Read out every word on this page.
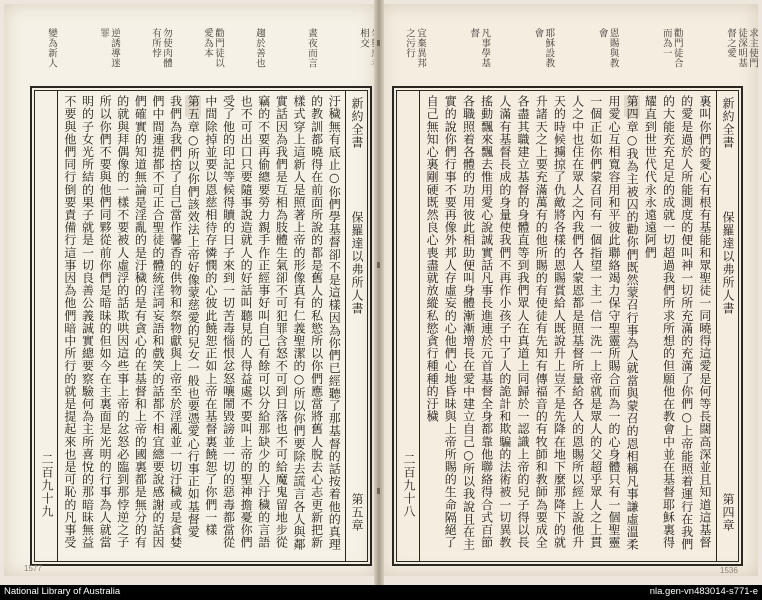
相交
晝夜而言
趨於善也
勸門徒以愛為本
勿使肉體有所悖
逆誘導迷罪
變為新人
新約全書
保羅達以弗所人書
第五章
二百九十九
汙穢無有底止○你們學基督卻不是這樣因為你們已經聽了那基督的話按着他的真理
的教訓都曉得在前面所說的都是舊人的私慾所以你們應當將舊人脫去心志更新把新
樣式穿上這新人是照著上帝的形像真有仁義聖潔的○所以你們要除去謊言各人與鄰
實話因為我們是互相為肢體生氣卻不可犯罪含怒不可到日落也不可給魔鬼留地步從
竊的不要再偷總要勞力親手作正經事好叫自己有餘可以分給那缺少的人汙穢的言語
也不可出口只要隨事說造就人的好話叫聽見的人得益處不要叫上帝的聖神擔憂你們
受了他的印記等候得贖的日子來到一切苦毒惱恨忿怒嚷鬧毀謗並一切的惡毒都當從
中間除掉並要以恩慈相待存憐憫的心彼此饒恕正如上帝在基督裏饒恕了你們一樣
第五章○所以你們該效法上帝好像蒙慈愛的兒女一般也要憑愛心行事正如基督愛
我們為我們捨了自己當作馨香的供物和祭物獻與上帝至於淫亂並一切汙穢或是貪婪
們中間連提都不可正合聖徒的體統淫詞妄語和戲笑的話都不相宜總要說感謝的話因
們確實的知道無論是淫亂的是汙穢的是有貪心的在基督和上帝的國裏都是無分的有
的就與拜偶像的一樣不要被人虛浮的話欺哄因這些事上帝的忿怒必臨到那悖逆之子
所以你們不要與他們同夥從前你們是暗昧的但如今在主裏面是光明的行事為人就當
明的子女光所結的果子就是一切良善公義誠實總要察驗何為主所喜悅的那暗昧無益
不要與他們同行倒要責備行這事因為他們暗中所行的就是提起來也是可恥的凡事受
1577
求主使門徒深明基督之愛
勸門徒合而為一
恩賜與教會
耶穌設教會
凡事學基督
宜棄異邦之污行
新約全書
保羅達以弗所人書
第四章
二百九十八	裏叫你們的愛心有根有基能和眾聖徒一同曉得這愛是何等長闊高深並且知道這基督
的愛是過於人所能測度的便叫神一切所充滿的充滿了你們○上帝能照着運行在我們
的大能充充足足的成就一切超過我們所求所想的但願他在教會中並在基督耶穌裏得
耀直到世世代代永永遠遠阿們
第四章○我為主被囚的勸你們既然蒙召行事為人就當與蒙召的恩相稱凡事謙虛溫柔
用愛心互相寬容用和平彼此聯絡竭力保守聖靈所賜合而為一的心身體只有一個聖靈
一個正如你們蒙召同有一個指望一主一信一洗一上帝就是眾人的父超乎眾人之上貫
人之中也住在眾人之內我們各人蒙恩都是照基督所量給各人的恩賜所以經上說他升
天的時候擄掠了仇敵將各樣的恩賜賞給人既說升上豈不是先降在地下麼那降下的就
升諸天之上要充滿萬有的他所賜的有使徒有先知有傳福音的有牧師和教師為要成全
各盡其職建立基督的身體直等到我們眾人在真道上同歸於一認識上帝的兒子得以長
人滿有基督長成的身量使我們不再作小孩子中了人的詭計和欺騙的法術被一切異教
搖動飄來飄去惟用愛心說誠實話凡事長進連於元首基督全身都靠他聯絡得合式百節
各職照着各體的功用彼此相助便叫身體漸漸增長在愛中建立自己○所以我說且在主
實的說你們行事不要再像外邦人存虛妄的心他們心地昏昧與上帝所賜的生命隔絕了
自己無知心裏剛硬既然良心喪盡就放縱私慾貪行種種的汙穢
1536
National Library of Australia	nla.gen-vn483014-s771-e
